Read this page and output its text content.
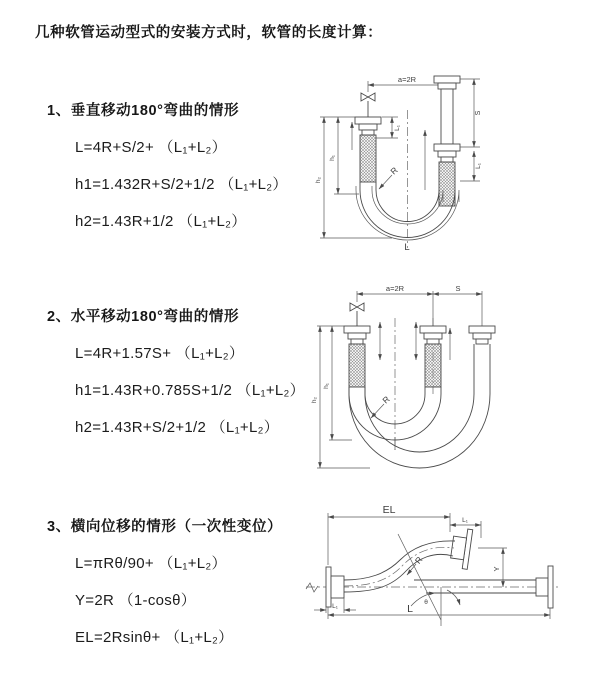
几种软管运动型式的安装方式时，软管的长度计算：
1、垂直移动180°弯曲的情形
L=4R+S/2+ （L₁+L₂）
h1=1.432R+S/2+1/2 （L₁+L₂）
h2=1.43R+1/2 （L₁+L₂）
2、水平移动180°弯曲的情形
L=4R+1.57S+ （L₁+L₂）
h1=1.43R+0.785S+1/2 （L₁+L₂）
h2=1.43R+S/2+1/2 （L₁+L₂）
3、横向位移的情形（一次性变位）
L=πRθ/90+ （L₁+L₂）
Y=2R （1-cosθ）
EL=2Rsinθ+ （L₁+L₂）
a=2R
S
L₁
L₁
h₁
h₂
R
L
a=2R	S
h₁
h₂	R
EL
L₁
θ
R
Y
L₁	L
